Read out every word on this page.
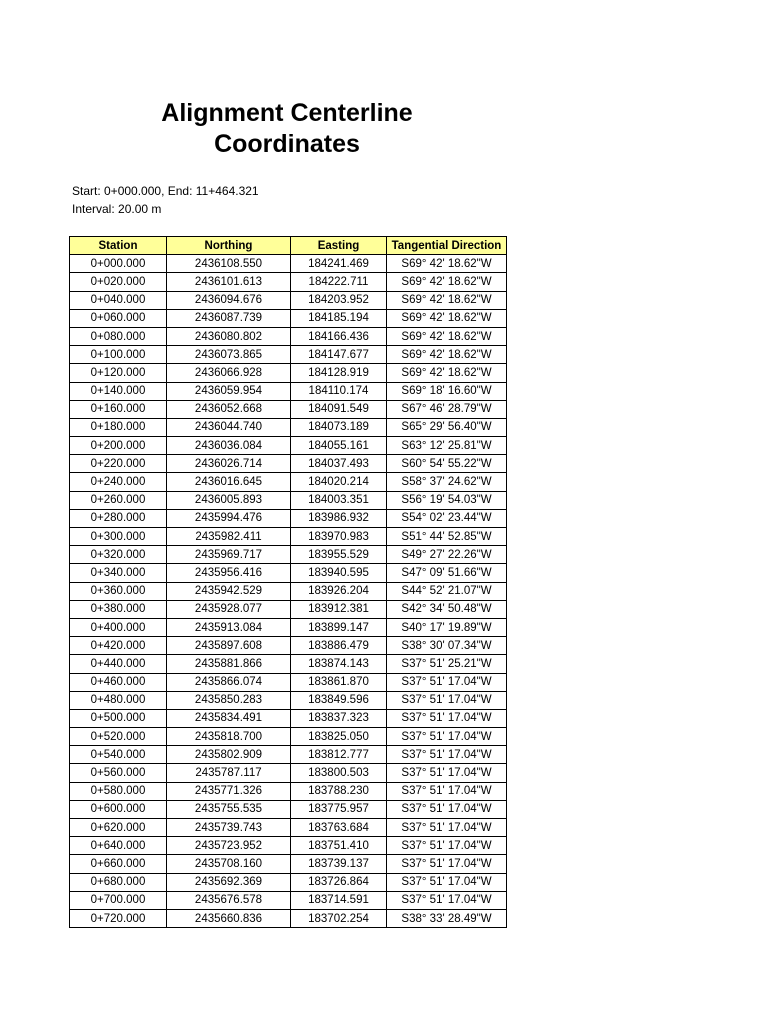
Alignment Centerline
Coordinates
Start: 0+000.000, End: 11+464.321
Interval: 20.00 m
Station	Northing	Easting	Tangential Direction
0+000.000	2436108.550	184241.469	S69° 42' 18.62"W
0+020.000	2436101.613	184222.711	S69° 42' 18.62"W
0+040.000	2436094.676	184203.952	S69° 42' 18.62"W
0+060.000	2436087.739	184185.194	S69° 42' 18.62"W
0+080.000	2436080.802	184166.436	S69° 42' 18.62"W
0+100.000	2436073.865	184147.677	S69° 42' 18.62"W
0+120.000	2436066.928	184128.919	S69° 42' 18.62"W
0+140.000	2436059.954	184110.174	S69° 18' 16.60"W
0+160.000	2436052.668	184091.549	S67° 46' 28.79"W
0+180.000	2436044.740	184073.189	S65° 29' 56.40"W
0+200.000	2436036.084	184055.161	S63° 12' 25.81"W
0+220.000	2436026.714	184037.493	S60° 54' 55.22"W
0+240.000	2436016.645	184020.214	S58° 37' 24.62"W
0+260.000	2436005.893	184003.351	S56° 19' 54.03"W
0+280.000	2435994.476	183986.932	S54° 02' 23.44"W
0+300.000	2435982.411	183970.983	S51° 44' 52.85"W
0+320.000	2435969.717	183955.529	S49° 27' 22.26"W
0+340.000	2435956.416	183940.595	S47° 09' 51.66"W
0+360.000	2435942.529	183926.204	S44° 52' 21.07"W
0+380.000	2435928.077	183912.381	S42° 34' 50.48"W
0+400.000	2435913.084	183899.147	S40° 17' 19.89"W
0+420.000	2435897.608	183886.479	S38° 30' 07.34"W
0+440.000	2435881.866	183874.143	S37° 51' 25.21"W
0+460.000	2435866.074	183861.870	S37° 51' 17.04"W
0+480.000	2435850.283	183849.596	S37° 51' 17.04"W
0+500.000	2435834.491	183837.323	S37° 51' 17.04"W
0+520.000	2435818.700	183825.050	S37° 51' 17.04"W
0+540.000	2435802.909	183812.777	S37° 51' 17.04"W
0+560.000	2435787.117	183800.503	S37° 51' 17.04"W
0+580.000	2435771.326	183788.230	S37° 51' 17.04"W
0+600.000	2435755.535	183775.957	S37° 51' 17.04"W
0+620.000	2435739.743	183763.684	S37° 51' 17.04"W
0+640.000	2435723.952	183751.410	S37° 51' 17.04"W
0+660.000	2435708.160	183739.137	S37° 51' 17.04"W
0+680.000	2435692.369	183726.864	S37° 51' 17.04"W
0+700.000	2435676.578	183714.591	S37° 51' 17.04"W
0+720.000	2435660.836	183702.254	S38° 33' 28.49"W
